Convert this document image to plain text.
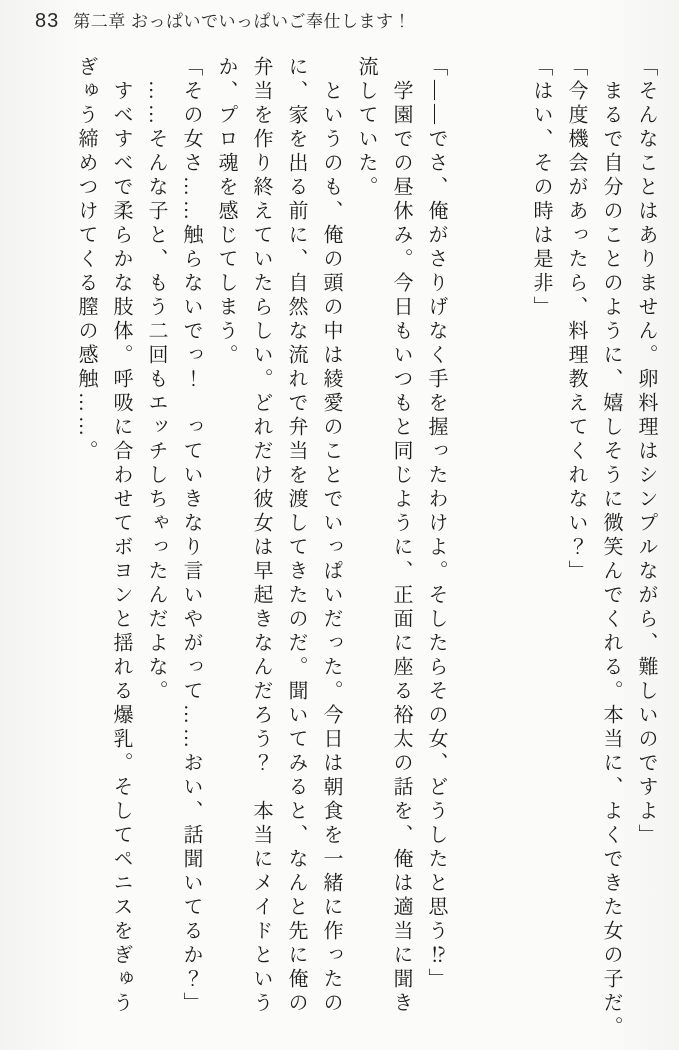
83 第二章 おっぱいでいっぱいご奉仕します！

「そんなことはありません。卵料理はシンプルながら、難しいのですよ」

　まるで自分のことのように、嬉しそうに微笑んでくれる。本当に、よくできた女の子だ。

「今度機会があったら、料理教えてくれない？」

「はい、その時は是非」

「――でさ、俺がさりげなく手を握ったわけよ。そしたらその女、どうしたと思う⁉」

　学園での昼休み。今日もいつもと同じように、正面に座る裕太の話を、俺は適当に聞き

流していた。

　というのも、俺の頭の中は綾愛のことでいっぱいだった。今日は朝食を一緒に作ったの

に、家を出る前に、自然な流れで弁当を渡してきたのだ。聞いてみると、なんと先に俺の

弁当を作り終えていたらしい。どれだけ彼女は早起きなんだろう？　本当にメイドという

か、プロ魂を感じてしまう。

「その女さ……触らないでっ！　っていきなり言いやがって……おい、話聞いてるか？」

　……そんな子と、もう二回もエッチしちゃったんだよな。

　すべすべで柔らかな肢体。呼吸に合わせてボヨンと揺れる爆乳。そしてペニスをぎゅう

ぎゅう締めつけてくる膣の感触……。
